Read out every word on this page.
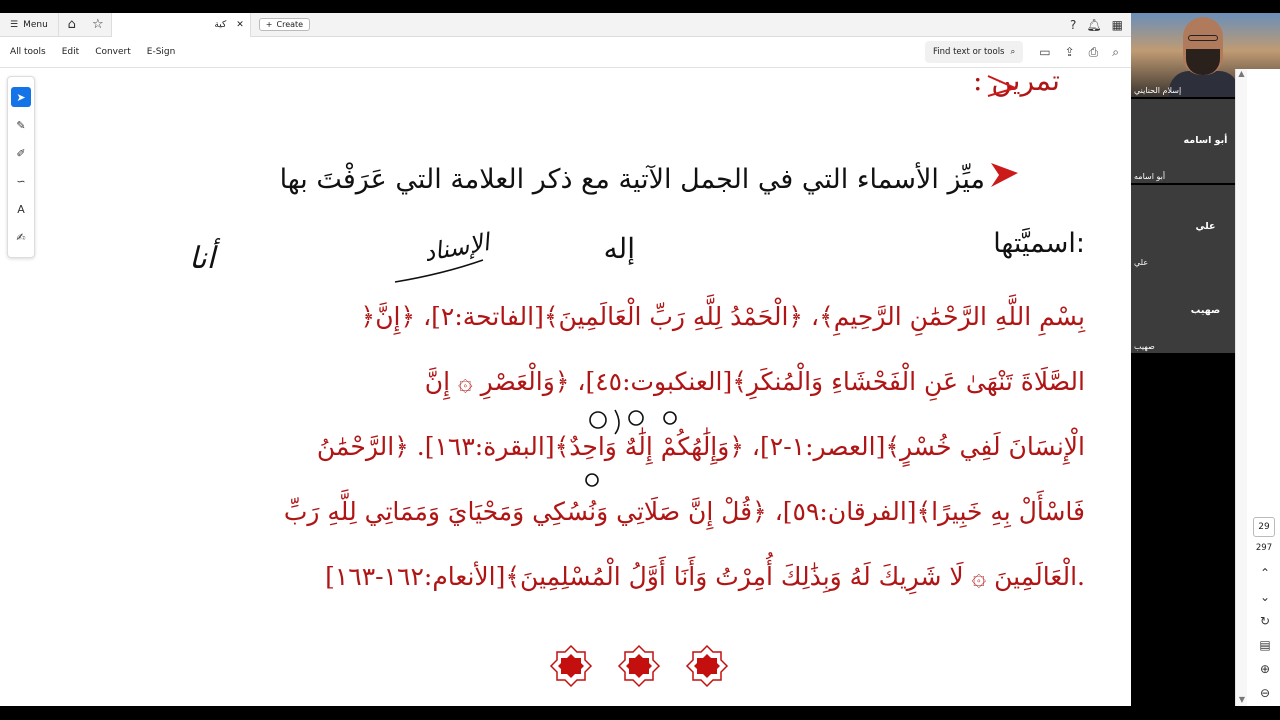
☰ Menu	⌂	☆	كية ✕	+ Create	? 🔔︎ ▦
All tools Edit Convert E-Sign	Find text or tools ⌕ ▭ ⇪ ⎙ ⌕
➤
✎
✐
∽
A
✍
تمرين :
ميِّز الأسماء التي في الجمل الآتية مع ذكر العلامة التي عَرَفْتَ بها
اسميَّتها:
الإسناد	إله
أنا
﴿بِسْمِ اللَّهِ الرَّحْمَٰنِ الرَّحِيمِ﴾، ﴿الْحَمْدُ لِلَّهِ رَبِّ الْعَالَمِينَ﴾[الفاتحة:٢]، ﴿إِنَّ
الصَّلَاةَ تَنْهَىٰ عَنِ الْفَحْشَاءِ وَالْمُنكَرِ﴾[العنكبوت:٤٥]، ﴿وَالْعَصْرِ ۞ إِنَّ
الْإِنسَانَ لَفِي خُسْرٍ﴾[العصر:١-٢]، ﴿وَإِلَٰهُكُمْ إِلَٰهٌ وَاحِدٌ﴾[البقرة:١٦٣]. ﴿الرَّحْمَٰنُ
فَاسْأَلْ بِهِ خَبِيرًا﴾[الفرقان:٥٩]، ﴿قُلْ إِنَّ صَلَاتِي وَنُسُكِي وَمَحْيَايَ وَمَمَاتِي لِلَّهِ رَبِّ
الْعَالَمِينَ ۞ لَا شَرِيكَ لَهُ وَبِذَٰلِكَ أُمِرْتُ وَأَنَا أَوَّلُ الْمُسْلِمِينَ﴾[الأنعام:١٦٢-١٦٣].
إسلام الحنايني
أبو اسامه
أبو اسامه
علي
علي
صهيب
صهيب
▲
▼
29
297
⌃
⌄
↻
▤
⊕
⊖
